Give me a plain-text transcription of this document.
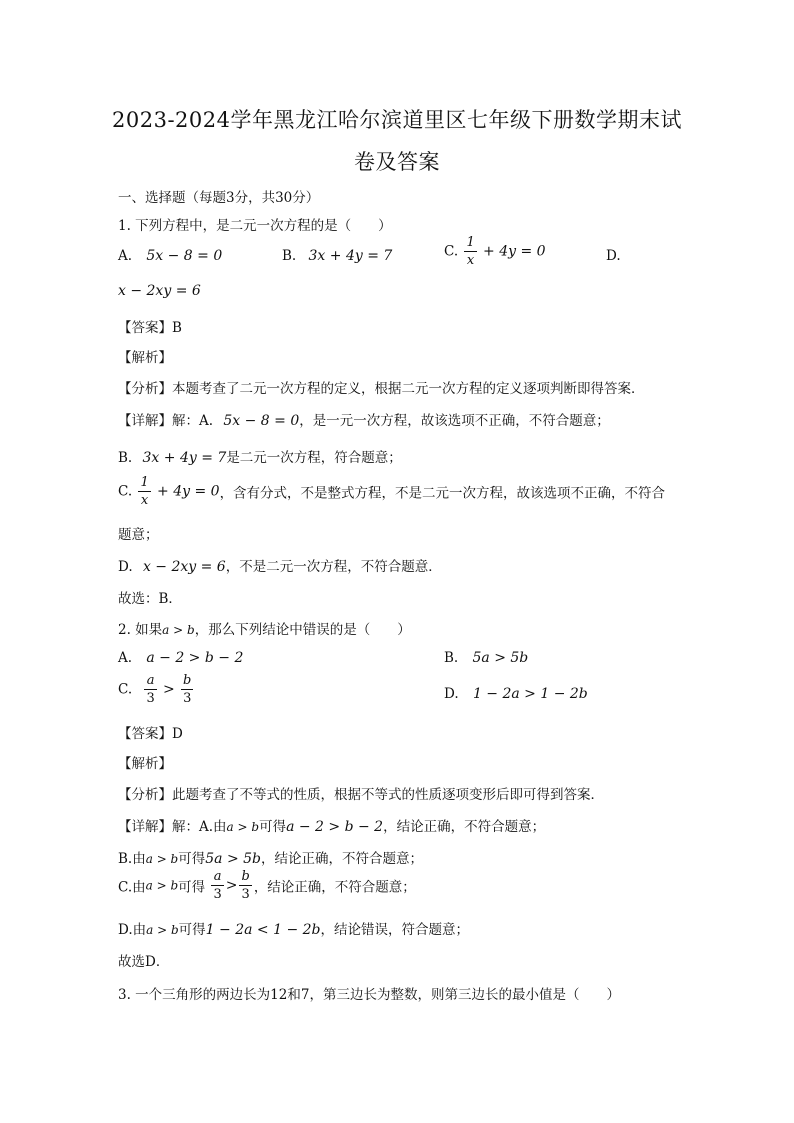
2023-2024学年黑龙江哈尔滨道里区七年级下册数学期末试
卷及答案
一、选择题（每题3分，共30分）
1. 下列方程中，是二元一次方程的是（　　）
A. 5x − 8 = 0	B. 3x + 4y = 7	C. $\frac{1}{x} + 4y = 0$	D.
x − 2xy = 6
【答案】B
【解析】
【分析】本题考查了二元一次方程的定义，根据二元一次方程的定义逐项判断即得答案．
【详解】解：A. 5x − 8 = 0，是一元一次方程，故该选项不正确，不符合题意；
B. 3x + 4y = 7是二元一次方程，符合题意；
C. $\frac{1}{x} + 4y = 0$，含有分式，不是整式方程，不是二元一次方程，故该选项不正确，不符合
题意；
D. x − 2xy = 6，不是二元一次方程，不符合题意．
故选：B．
2. 如果a > b，那么下列结论中错误的是（　　）
A. a − 2 > b − 2	B. 5a > 5b
C. $\frac{a}{3} > \frac{b}{3}$	D. 1 − 2a > 1 − 2b
【答案】D
【解析】
【分析】此题考查了不等式的性质，根据不等式的性质逐项变形后即可得到答案．
【详解】解：A.由a > b可得a − 2 > b − 2，结论正确，不符合题意；
B.由a > b可得5a > 5b，结论正确，不符合题意；
C.由a > b可得 $\frac{a}{3} > \frac{b}{3}$ ，结论正确，不符合题意；
D.由a > b可得1 − 2a < 1 − 2b，结论错误，符合题意；
故选D．
3. 一个三角形的两边长为12和7，第三边长为整数，则第三边长的最小值是（　　）
